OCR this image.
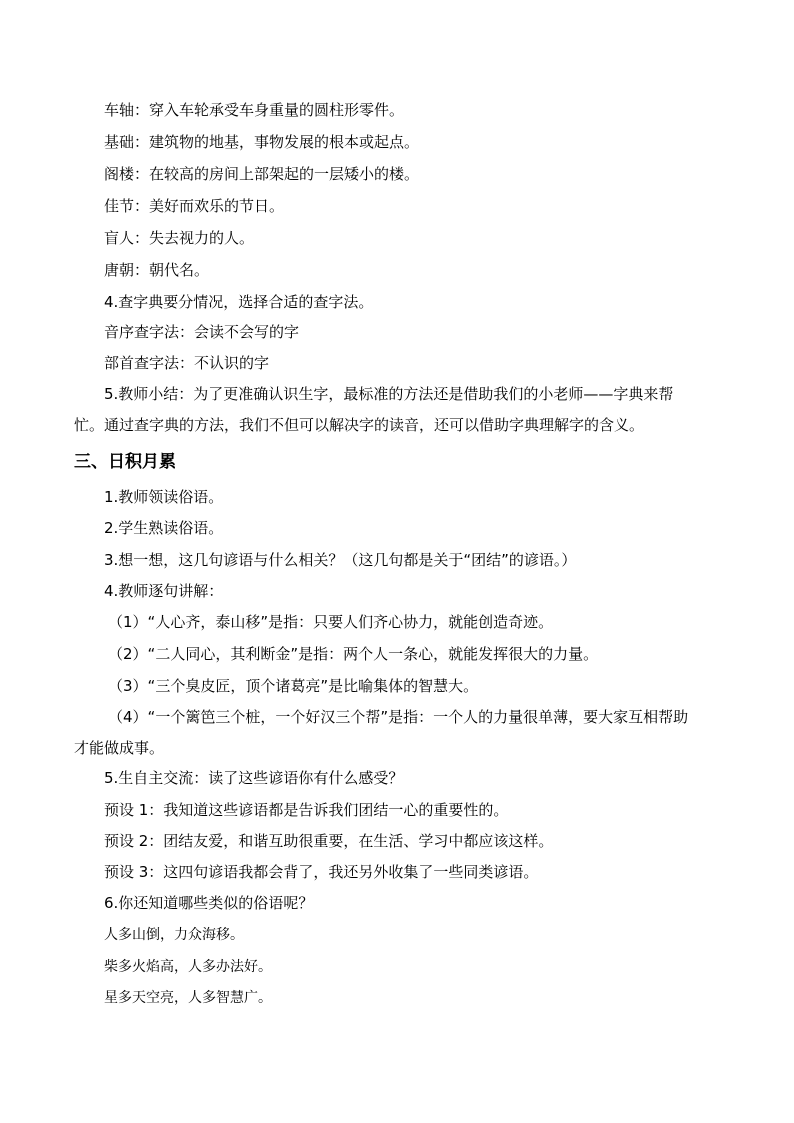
车轴：穿入车轮承受车身重量的圆柱形零件。
基础：建筑物的地基，事物发展的根本或起点。
阁楼：在较高的房间上部架起的一层矮小的楼。
佳节：美好而欢乐的节日。
盲人：失去视力的人。
唐朝：朝代名。
4.查字典要分情况，选择合适的查字法。
音序查字法：会读不会写的字
部首查字法：不认识的字
5.教师小结：为了更准确认识生字，最标准的方法还是借助我们的小老师——字典来帮
忙。通过查字典的方法，我们不但可以解决字的读音，还可以借助字典理解字的含义。
三、日积月累
1.教师领读俗语。
2.学生熟读俗语。
3.想一想，这几句谚语与什么相关？（这几句都是关于“团结”的谚语。）
4.教师逐句讲解：
（1）“人心齐，泰山移”是指：只要人们齐心协力，就能创造奇迹。
（2）“二人同心，其利断金”是指：两个人一条心，就能发挥很大的力量。
（3）“三个臭皮匠，顶个诸葛亮”是比喻集体的智慧大。
（4）“一个篱笆三个桩，一个好汉三个帮”是指：一个人的力量很单薄，要大家互相帮助
才能做成事。
5.生自主交流：读了这些谚语你有什么感受？
预设 1：我知道这些谚语都是告诉我们团结一心的重要性的。
预设 2：团结友爱，和谐互助很重要，在生活、学习中都应该这样。
预设 3：这四句谚语我都会背了，我还另外收集了一些同类谚语。
6.你还知道哪些类似的俗语呢？
人多山倒，力众海移。
柴多火焰高，人多办法好。
星多天空亮，人多智慧广。
